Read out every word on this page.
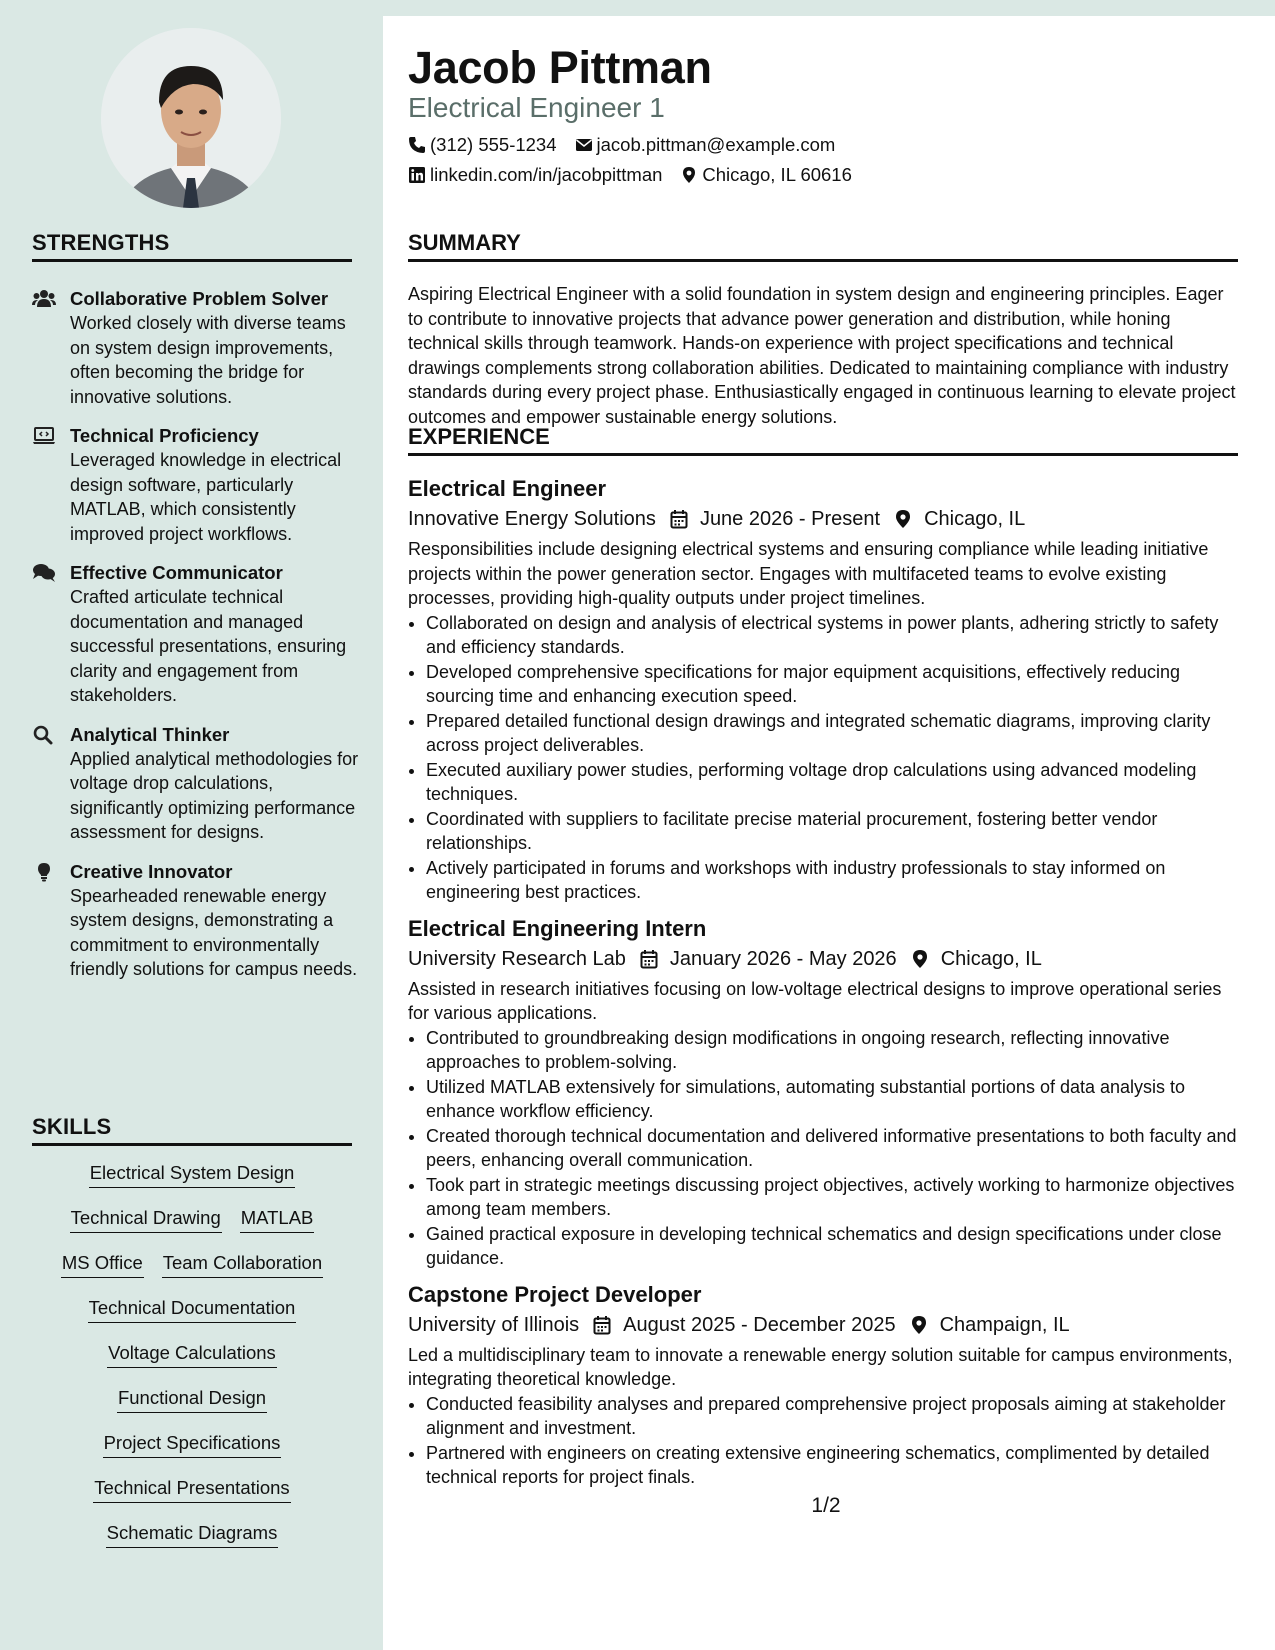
STRENGTHS
Collaborative Problem Solver
Worked closely with diverse teams on system design improvements, often becoming the bridge for innovative solutions.
Technical Proficiency
Leveraged knowledge in electrical design software, particularly MATLAB, which consistently improved project workflows.
Effective Communicator
Crafted articulate technical documentation and managed successful presentations, ensuring clarity and engagement from stakeholders.
Analytical Thinker
Applied analytical methodologies for voltage drop calculations, significantly optimizing performance assessment for designs.
Creative Innovator
Spearheaded renewable energy system designs, demonstrating a commitment to environmentally friendly solutions for campus needs.
SKILLS
Electrical System Design
Technical Drawing MATLAB
MS Office Team Collaboration
Technical Documentation
Voltage Calculations
Functional Design
Project Specifications
Technical Presentations
Schematic Diagrams
Jacob Pittman
Electrical Engineer 1
(312) 555-1234 jacob.pittman@example.com
linkedin.com/in/jacobpittman Chicago, IL 60616
SUMMARY
Aspiring Electrical Engineer with a solid foundation in system design and engineering principles. Eager to contribute to innovative projects that advance power generation and distribution, while honing technical skills through teamwork. Hands-on experience with project specifications and technical drawings complements strong collaboration abilities. Dedicated to maintaining compliance with industry standards during every project phase. Enthusiastically engaged in continuous learning to elevate project outcomes and empower sustainable energy solutions.
EXPERIENCE
Electrical Engineer
Innovative Energy Solutions June 2026 - Present Chicago, IL
Responsibilities include designing electrical systems and ensuring compliance while leading initiative projects within the power generation sector. Engages with multifaceted teams to evolve existing processes, providing high-quality outputs under project timelines.
• Collaborated on design and analysis of electrical systems in power plants, adhering strictly to safety and efficiency standards.
• Developed comprehensive specifications for major equipment acquisitions, effectively reducing sourcing time and enhancing execution speed.
• Prepared detailed functional design drawings and integrated schematic diagrams, improving clarity across project deliverables.
• Executed auxiliary power studies, performing voltage drop calculations using advanced modeling techniques.
• Coordinated with suppliers to facilitate precise material procurement, fostering better vendor relationships.
• Actively participated in forums and workshops with industry professionals to stay informed on engineering best practices.
Electrical Engineering Intern
University Research Lab January 2026 - May 2026 Chicago, IL
Assisted in research initiatives focusing on low-voltage electrical designs to improve operational series for various applications.
• Contributed to groundbreaking design modifications in ongoing research, reflecting innovative approaches to problem-solving.
• Utilized MATLAB extensively for simulations, automating substantial portions of data analysis to enhance workflow efficiency.
• Created thorough technical documentation and delivered informative presentations to both faculty and peers, enhancing overall communication.
• Took part in strategic meetings discussing project objectives, actively working to harmonize objectives among team members.
• Gained practical exposure in developing technical schematics and design specifications under close guidance.
Capstone Project Developer
University of Illinois August 2025 - December 2025 Champaign, IL
Led a multidisciplinary team to innovate a renewable energy solution suitable for campus environments, integrating theoretical knowledge.
• Conducted feasibility analyses and prepared comprehensive project proposals aiming at stakeholder alignment and investment.
• Partnered with engineers on creating extensive engineering schematics, complimented by detailed technical reports for project finals.
1/2
